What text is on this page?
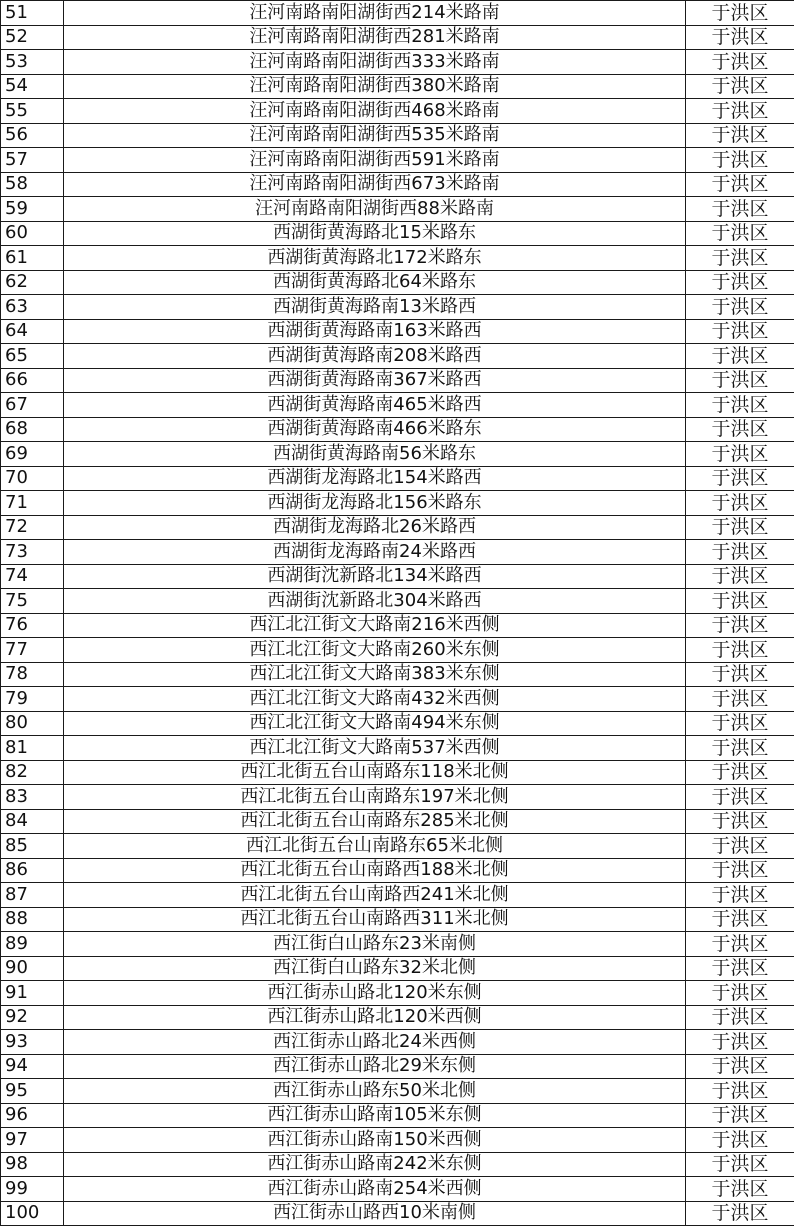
51	汪河南路南阳湖街西214米路南	于洪区
52	汪河南路南阳湖街西281米路南	于洪区
53	汪河南路南阳湖街西333米路南	于洪区
54	汪河南路南阳湖街西380米路南	于洪区
55	汪河南路南阳湖街西468米路南	于洪区
56	汪河南路南阳湖街西535米路南	于洪区
57	汪河南路南阳湖街西591米路南	于洪区
58	汪河南路南阳湖街西673米路南	于洪区
59	汪河南路南阳湖街西88米路南	于洪区
60	西湖街黄海路北15米路东	于洪区
61	西湖街黄海路北172米路东	于洪区
62	西湖街黄海路北64米路东	于洪区
63	西湖街黄海路南13米路西	于洪区
64	西湖街黄海路南163米路西	于洪区
65	西湖街黄海路南208米路西	于洪区
66	西湖街黄海路南367米路西	于洪区
67	西湖街黄海路南465米路西	于洪区
68	西湖街黄海路南466米路东	于洪区
69	西湖街黄海路南56米路东	于洪区
70	西湖街龙海路北154米路西	于洪区
71	西湖街龙海路北156米路东	于洪区
72	西湖街龙海路北26米路西	于洪区
73	西湖街龙海路南24米路西	于洪区
74	西湖街沈新路北134米路西	于洪区
75	西湖街沈新路北304米路西	于洪区
76	西江北江街文大路南216米西侧	于洪区
77	西江北江街文大路南260米东侧	于洪区
78	西江北江街文大路南383米东侧	于洪区
79	西江北江街文大路南432米西侧	于洪区
80	西江北江街文大路南494米东侧	于洪区
81	西江北江街文大路南537米西侧	于洪区
82	西江北街五台山南路东118米北侧	于洪区
83	西江北街五台山南路东197米北侧	于洪区
84	西江北街五台山南路东285米北侧	于洪区
85	西江北街五台山南路东65米北侧	于洪区
86	西江北街五台山南路西188米北侧	于洪区
87	西江北街五台山南路西241米北侧	于洪区
88	西江北街五台山南路西311米北侧	于洪区
89	西江街白山路东23米南侧	于洪区
90	西江街白山路东32米北侧	于洪区
91	西江街赤山路北120米东侧	于洪区
92	西江街赤山路北120米西侧	于洪区
93	西江街赤山路北24米西侧	于洪区
94	西江街赤山路北29米东侧	于洪区
95	西江街赤山路东50米北侧	于洪区
96	西江街赤山路南105米东侧	于洪区
97	西江街赤山路南150米西侧	于洪区
98	西江街赤山路南242米东侧	于洪区
99	西江街赤山路南254米西侧	于洪区
100	西江街赤山路西10米南侧	于洪区
